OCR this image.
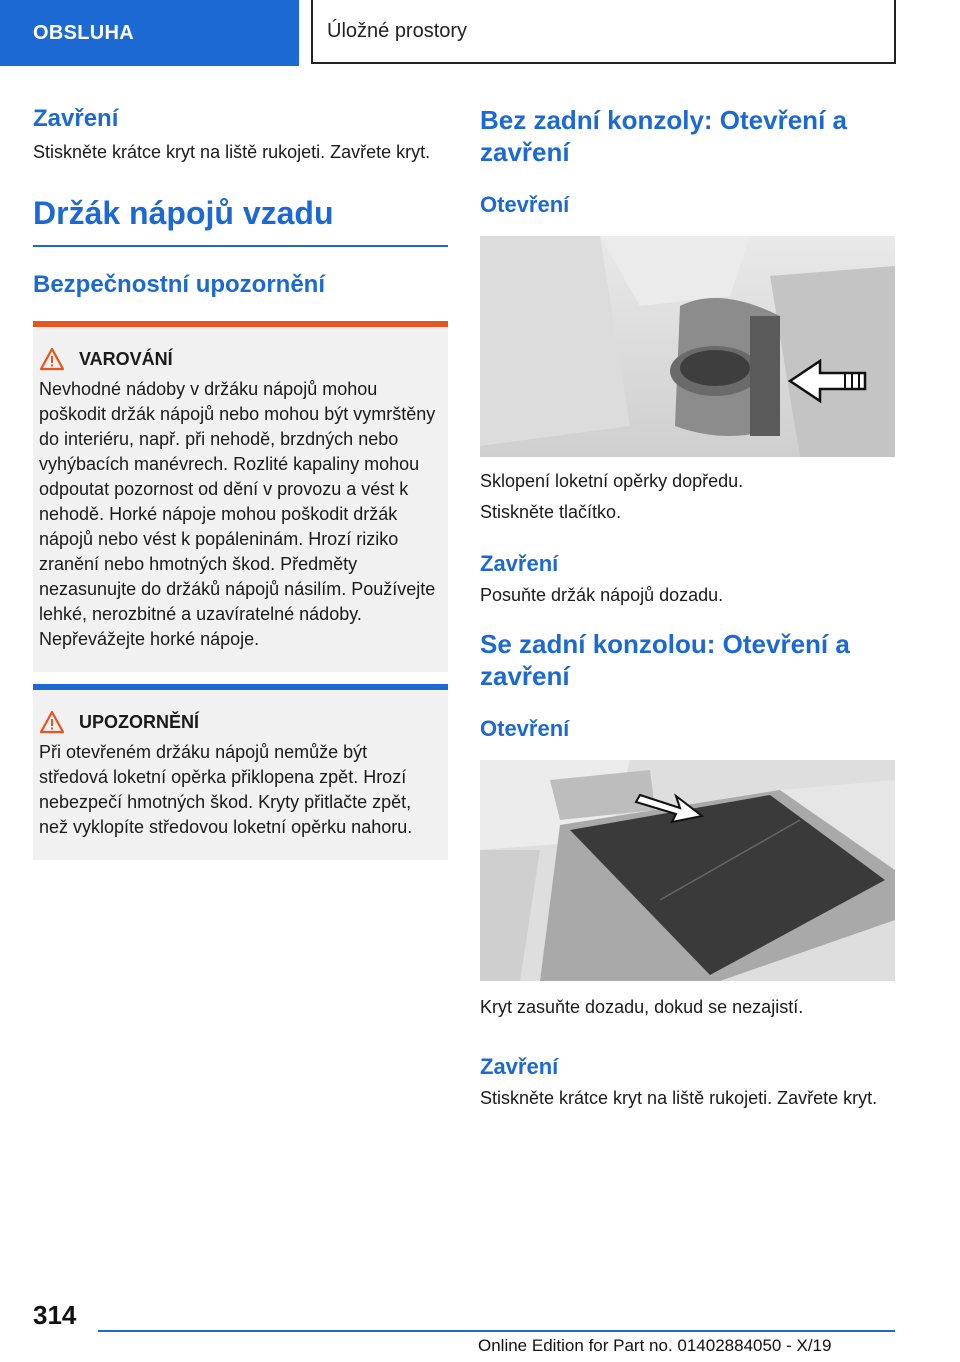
OBSLUHA	Úložné prostory
Zavření

Stiskněte krátce kryt na liště rukojeti. Zavřete kryt.

Držák nápojů vzadu
Bezpečnostní upozornění
VAROVÁNÍ

Nevhodné nádoby v držáku nápojů mohou poškodit držák nápojů nebo mohou být vymrštěny do interiéru, např. při nehodě, brzdných nebo vyhýbacích manévrech. Rozlité kapaliny mohou odpoutat pozornost od dění v provozu a vést k nehodě. Horké nápoje mohou poškodit držák nápojů nebo vést k popáleninám. Hrozí riziko zranění nebo hmotných škod. Předměty nezasunujte do držáků nápojů násilím. Používejte lehké, nerozbitné a uzavíratelné nádoby. Nepřevážejte horké nápoje.

UPOZORNĚNÍ

Při otevřeném držáku nápojů nemůže být středová loketní opěrka přiklopena zpět. Hrozí nebezpečí hmotných škod. Kryty přitlačte zpět, než vyklopíte středovou loketní opěrku nahoru.

Bez zadní konzoly: Otevření a zavření
Otevření

Sklopení loketní opěrky dopředu.

Stiskněte tlačítko.

Zavření

Posuňte držák nápojů dozadu.

Se zadní konzolou: Otevření a zavření
Otevření

Kryt zasuňte dozadu, dokud se nezajistí.

Zavření

Stiskněte krátce kryt na liště rukojeti. Zavřete kryt.

314
Online Edition for Part no. 01402884050 - X/19
